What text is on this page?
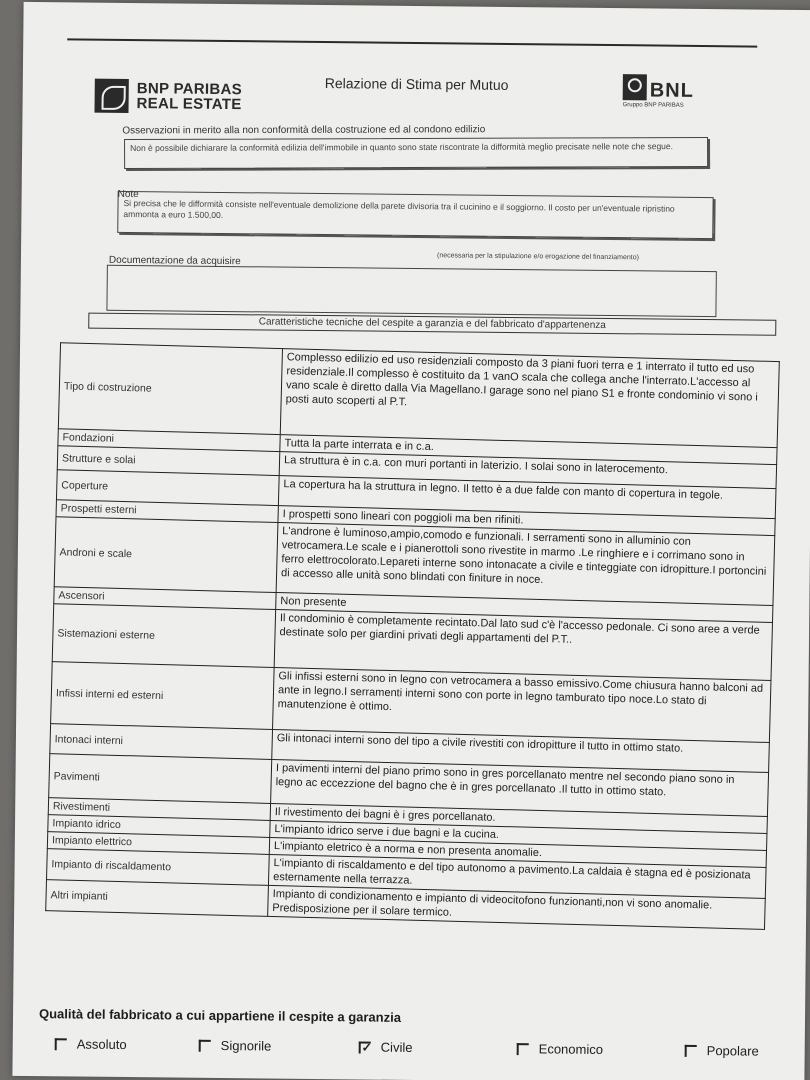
BNP PARIBAS
REAL ESTATE
Relazione di Stima per Mutuo	BNL
Gruppo BNP PARIBAS
Osservazioni in merito alla non conformità della costruzione ed al condono edilizio
Non è possibile dichiarare la conformità edilizia dell'immobile in quanto sono state riscontrate la difformità meglio precisate nelle note che segue.
Note
Si precisa che le difformità consiste nell'eventuale demolizione della parete divisoria tra il cucinino e il soggiorno. Il costo per un'eventuale ripristino ammonta a euro 1.500,00.
Documentazione da acquisire	(necessaria per la stipulazione e/o erogazione del finanziamento)
Caratteristiche tecniche del cespite a garanzia e del fabbricato d'appartenenza
Tipo di costruzione	Complesso edilizio ed uso residenziali composto da 3 piani fuori terra e 1 interrato il tutto ed uso residenziale.Il complesso è costituito da 1 vanO scala che collega anche l'interrato.L'accesso al vano scale è diretto dalla Via Magellano.I garage sono nel piano S1 e fronte condominio vi sono i posti auto scoperti al P.T.
Fondazioni	Tutta la parte interrata e in c.a.
Strutture e solai	La struttura è in c.a. con muri portanti in laterizio. I solai sono in laterocemento.
Coperture	La copertura ha la struttura in legno. Il tetto è a due falde con manto di copertura in tegole.
Prospetti esterni	I prospetti sono lineari con poggioli ma ben rifiniti.
Androni e scale	L'androne è luminoso,ampio,comodo e funzionali. I serramenti sono in alluminio con vetrocamera.Le scale e i pianerottoli sono rivestite in marmo .Le ringhiere e i corrimano sono in ferro elettrocolorato.Lepareti interne sono intonacate a civile e tinteggiate con idropitture.I portoncini di accesso alle unità sono blindati con finiture in noce.
Ascensori	Non presente
Sistemazioni esterne	Il condominio è completamente recintato.Dal lato sud c'è l'accesso pedonale. Ci sono aree a verde destinate solo per giardini privati degli appartamenti del P.T..
Infissi interni ed esterni	Gli infissi esterni sono in legno con vetrocamera a basso emissivo.Come chiusura hanno balconi ad ante in legno.I serramenti interni sono con porte in legno tamburato tipo noce.Lo stato di manutenzione è ottimo.
Intonaci interni	Gli intonaci interni sono del tipo a civile rivestiti con idropitture il tutto in ottimo stato.
Pavimenti	I pavimenti interni del piano primo sono in gres porcellanato mentre nel secondo piano sono in legno ac eccezzione del bagno che è in gres porcellanato .Il tutto in ottimo stato.
Rivestimenti	Il rivestimento dei bagni è i gres porcellanato.
Impianto idrico	L'impianto idrico serve i due bagni e la cucina.
Impianto elettrico	L'impianto eletrico è a norma e non presenta anomalie.
Impianto di riscaldamento	L'impianto di riscaldamento e del tipo autonomo a pavimento.La caldaia è stagna ed è posizionata esternamente nella terrazza.
Altri impianti	Impianto di condizionamento e impianto di videocitofono funzionanti,non vi sono anomalie. Predisposizione per il solare termico.
Qualità del fabbricato a cui appartiene il cespite a garanzia
Assoluto	Signorile	✓ Civile	Economico	Popolare
